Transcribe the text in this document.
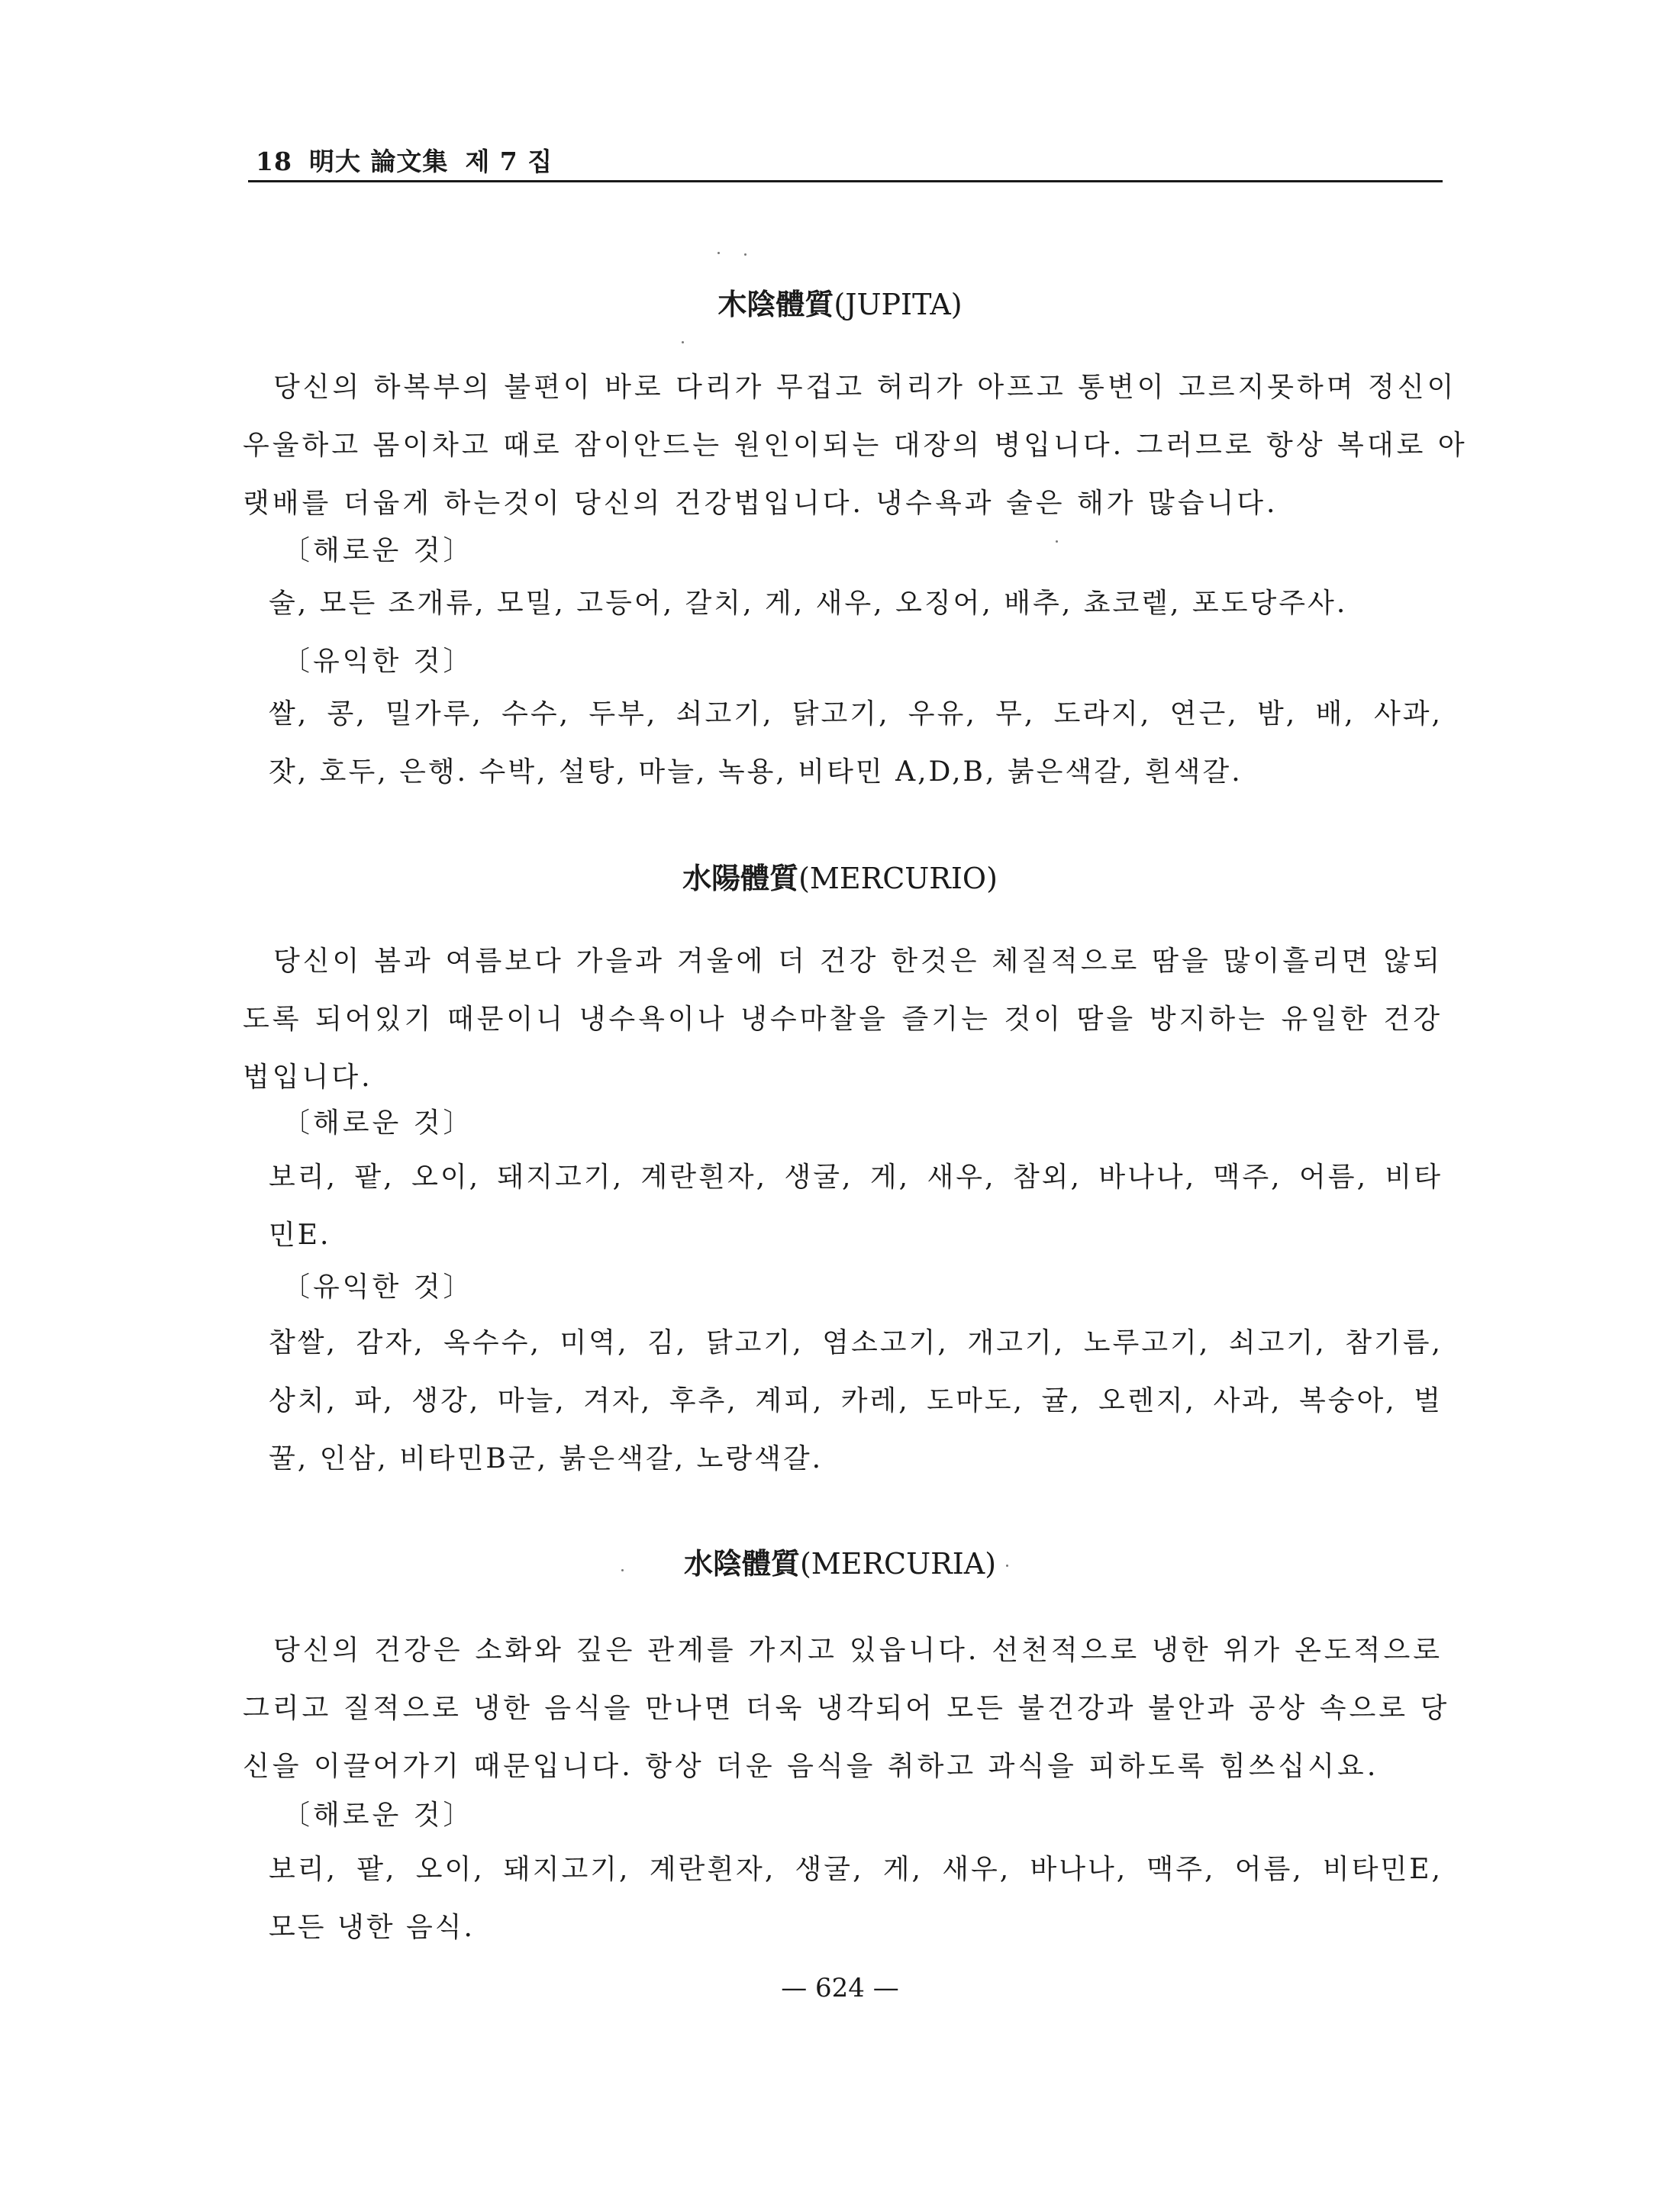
18 明大 論文集 제 7 집
木陰體質(JUPITA)
당신의 하복부의 불편이 바로 다리가 무겁고 허리가 아프고 통변이 고르지못하며 정신이
우울하고 몸이차고 때로 잠이안드는 원인이되는 대장의 병입니다. 그러므로 항상 복대로 아
랫배를 더웁게 하는것이 당신의 건강법입니다. 냉수욕과 술은 해가 많습니다.
〔해로운 것〕
술, 모든 조개류, 모밀, 고등어, 갈치, 게, 새우, 오징어, 배추, 쵸코렡, 포도당주사.
〔유익한 것〕
쌀, 콩, 밀가루, 수수, 두부, 쇠고기, 닭고기, 우유, 무, 도라지, 연근, 밤, 배, 사과,
잣, 호두, 은행. 수박, 설탕, 마늘, 녹용, 비타민 A,D,B, 붉은색갈, 흰색갈.
水陽體質(MERCURIO)
당신이 봄과 여름보다 가을과 겨울에 더 건강 한것은 체질적으로 땀을 많이흘리면 않되
도록 되어있기 때문이니 냉수욕이나 냉수마찰을 즐기는 것이 땀을 방지하는 유일한 건강
법입니다.
〔해로운 것〕
보리, 팥, 오이, 돼지고기, 계란흰자, 생굴, 게, 새우, 참외, 바나나, 맥주, 어름, 비타
민E.
〔유익한 것〕
찹쌀, 감자, 옥수수, 미역, 김, 닭고기, 염소고기, 개고기, 노루고기, 쇠고기, 참기름,
상치, 파, 생강, 마늘, 겨자, 후추, 계피, 카레, 도마도, 귤, 오렌지, 사과, 복숭아, 벌
꿀, 인삼, 비타민B군, 붉은색갈, 노랑색갈.
水陰體質(MERCURIA)
당신의 건강은 소화와 깊은 관계를 가지고 있읍니다. 선천적으로 냉한 위가 온도적으로
그리고 질적으로 냉한 음식을 만나면 더욱 냉각되어 모든 불건강과 불안과 공상 속으로 당
신을 이끌어가기 때문입니다. 항상 더운 음식을 취하고 과식을 피하도록 힘쓰십시요.
〔해로운 것〕
보리, 팥, 오이, 돼지고기, 계란흰자, 생굴, 게, 새우, 바나나, 맥주, 어름, 비타민E,
모든 냉한 음식.
— 624 —
